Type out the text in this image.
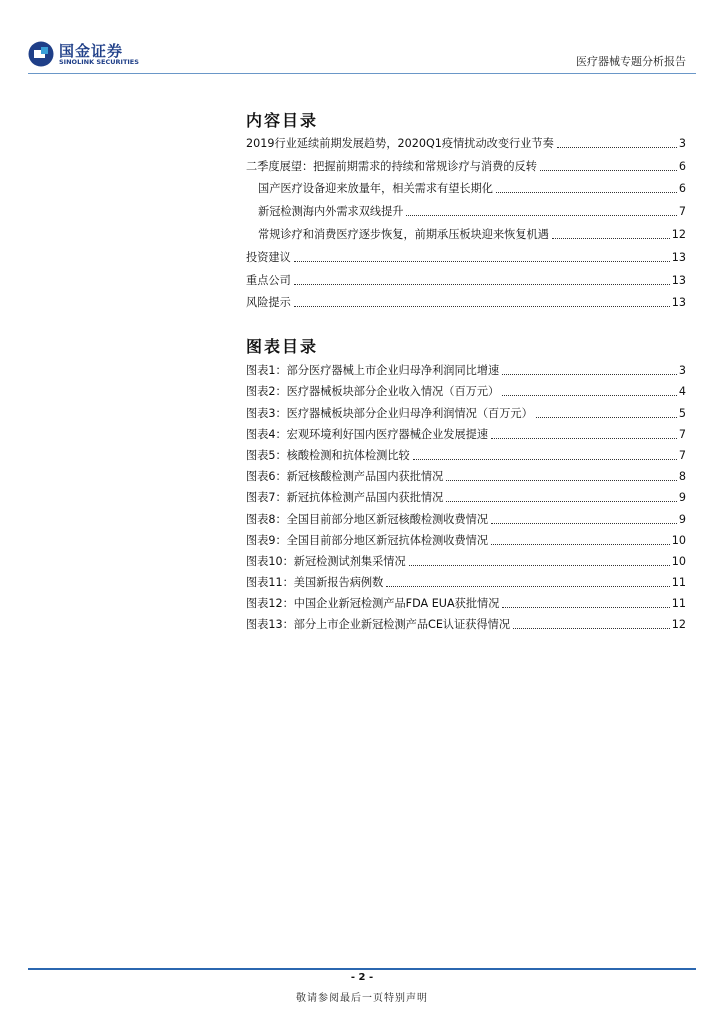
国金证券
SINOLINK SECURITIES	医疗器械专题分析报告
内容目录
2019行业延续前期发展趋势，2020Q1疫情扰动改变行业节奏	3
二季度展望：把握前期需求的持续和常规诊疗与消费的反转	6
国产医疗设备迎来放量年，相关需求有望长期化	6
新冠检测海内外需求双线提升	7
常规诊疗和消费医疗逐步恢复，前期承压板块迎来恢复机遇	12
投资建议	13
重点公司	13
风险提示	13
图表目录
图表1：部分医疗器械上市企业归母净利润同比增速	3
图表2：医疗器械板块部分企业收入情况（百万元）	4
图表3：医疗器械板块部分企业归母净利润情况（百万元）	5
图表4：宏观环境利好国内医疗器械企业发展提速	7
图表5：核酸检测和抗体检测比较	7
图表6：新冠核酸检测产品国内获批情况	8
图表7：新冠抗体检测产品国内获批情况	9
图表8：全国目前部分地区新冠核酸检测收费情况	9
图表9：全国目前部分地区新冠抗体检测收费情况	10
图表10：新冠检测试剂集采情况	10
图表11：美国新报告病例数	11
图表12：中国企业新冠检测产品FDA EUA获批情况	11
图表13：部分上市企业新冠检测产品CE认证获得情况	12
- 2 -
敬请参阅最后一页特别声明
